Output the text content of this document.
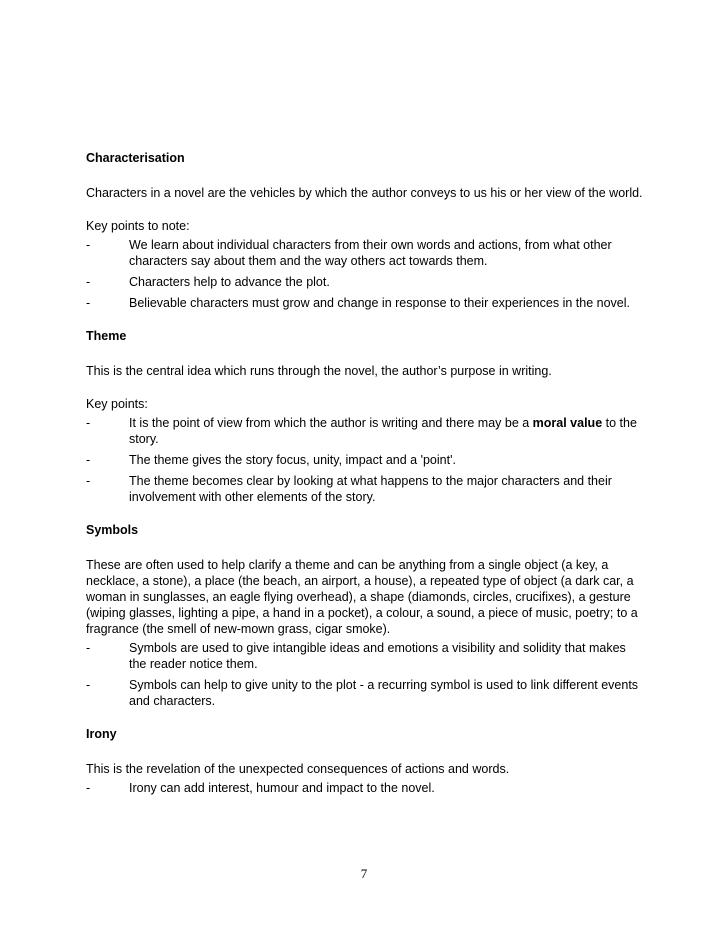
Characterisation
Characters in a novel are the vehicles by which the author conveys to us his or her view of the world.
Key points to note:
-	We learn about individual characters from their own words and actions, from what other characters say about them and the way others act towards them.
-	Characters help to advance the plot.
-	Believable characters must grow and change in response to their experiences in the novel.
Theme
This is the central idea which runs through the novel, the author’s purpose in writing.
Key points:
-	It is the point of view from which the author is writing and there may be a moral value to the story.
-	The theme gives the story focus, unity, impact and a 'point'.
-	The theme becomes clear by looking at what happens to the major characters and their involvement with other elements of the story.
Symbols
These are often used to help clarify a theme and can be anything from a single object (a key, a necklace, a stone), a place (the beach, an airport, a house), a repeated type of object (a dark car, a woman in sunglasses, an eagle flying overhead), a shape (diamonds, circles, crucifixes), a gesture (wiping glasses, lighting a pipe, a hand in a pocket), a colour, a sound, a piece of music, poetry; to a fragrance (the smell of new-mown grass, cigar smoke).
-	Symbols are used to give intangible ideas and emotions a visibility and solidity that makes the reader notice them.
-	Symbols can help to give unity to the plot - a recurring symbol is used to link different events and characters.
Irony
This is the revelation of the unexpected consequences of actions and words.
-	Irony can add interest, humour and impact to the novel.
7
